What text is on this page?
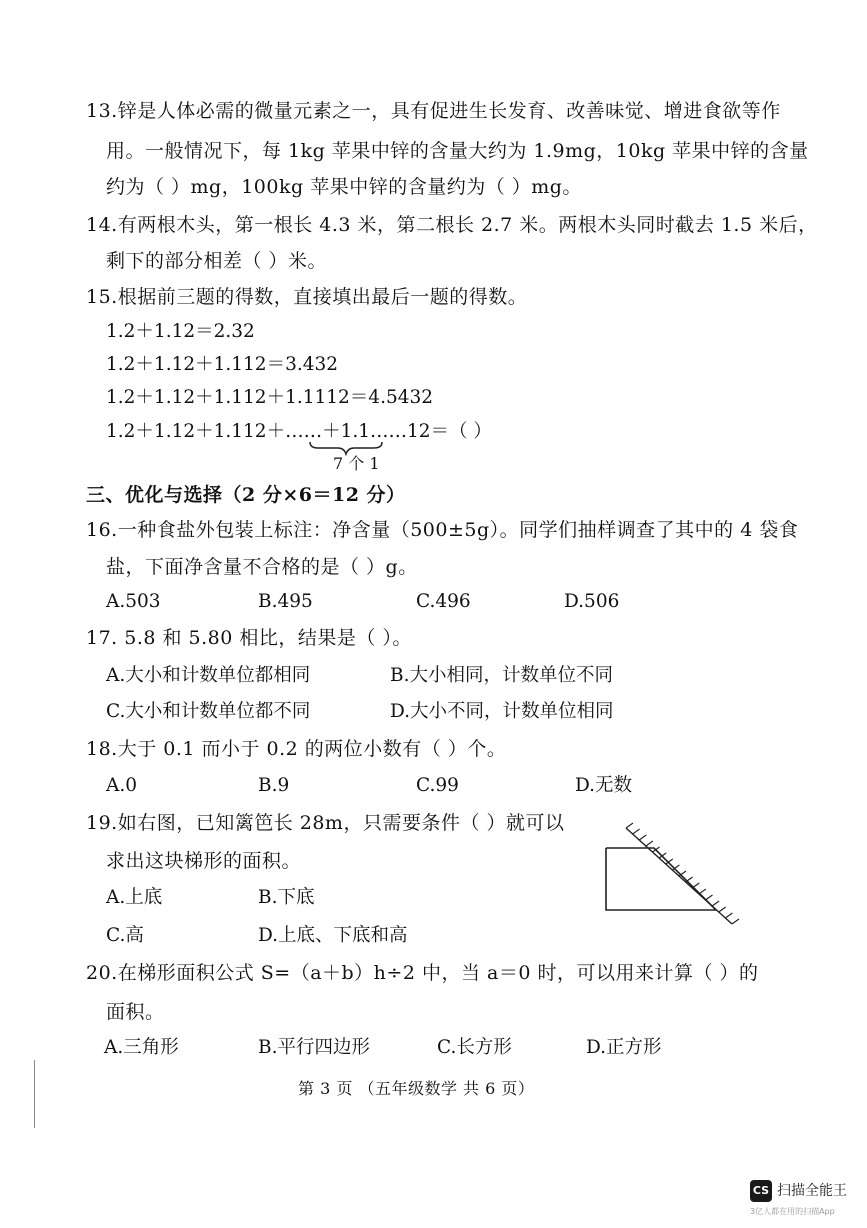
13.锌是人体必需的微量元素之一，具有促进生长发育、改善味觉、增进食欲等作
用。一般情况下，每 1kg 苹果中锌的含量大约为 1.9mg，10kg 苹果中锌的含量
约为（ ）mg，100kg 苹果中锌的含量约为（ ）mg。
14.有两根木头，第一根长 4.3 米，第二根长 2.7 米。两根木头同时截去 1.5 米后，
剩下的部分相差（ ）米。
15.根据前三题的得数，直接填出最后一题的得数。
1.2＋1.12＝2.32
1.2＋1.12＋1.112＝3.432
1.2＋1.12＋1.112＋1.1112＝4.5432
1.2＋1.12＋1.112＋……＋1.1……12＝（ ）
7 个 1
三、优化与选择（2 分×6＝12 分）
16.一种食盐外包装上标注：净含量（500±5g）。同学们抽样调查了其中的 4 袋食
盐，下面净含量不合格的是（ ）g。
A.503	B.495	C.496	D.506
17. 5.8 和 5.80 相比，结果是（ ）。
A.大小和计数单位都相同	B.大小相同，计数单位不同
C.大小和计数单位都不同	D.大小不同，计数单位相同
18.大于 0.1 而小于 0.2 的两位小数有（ ）个。
A.0	B.9	C.99	D.无数
19.如右图，已知篱笆长 28m，只需要条件（ ）就可以
求出这块梯形的面积。
A.上底	B.下底
C.高	D.上底、下底和高
20.在梯形面积公式 S=（a＋b）h÷2 中，当 a＝0 时，可以用来计算（ ）的
面积。
A.三角形	B.平行四边形	C.长方形	D.正方形
第 3 页 （五年级数学 共 6 页）
CS 扫描全能王
3亿人都在用的扫描App
